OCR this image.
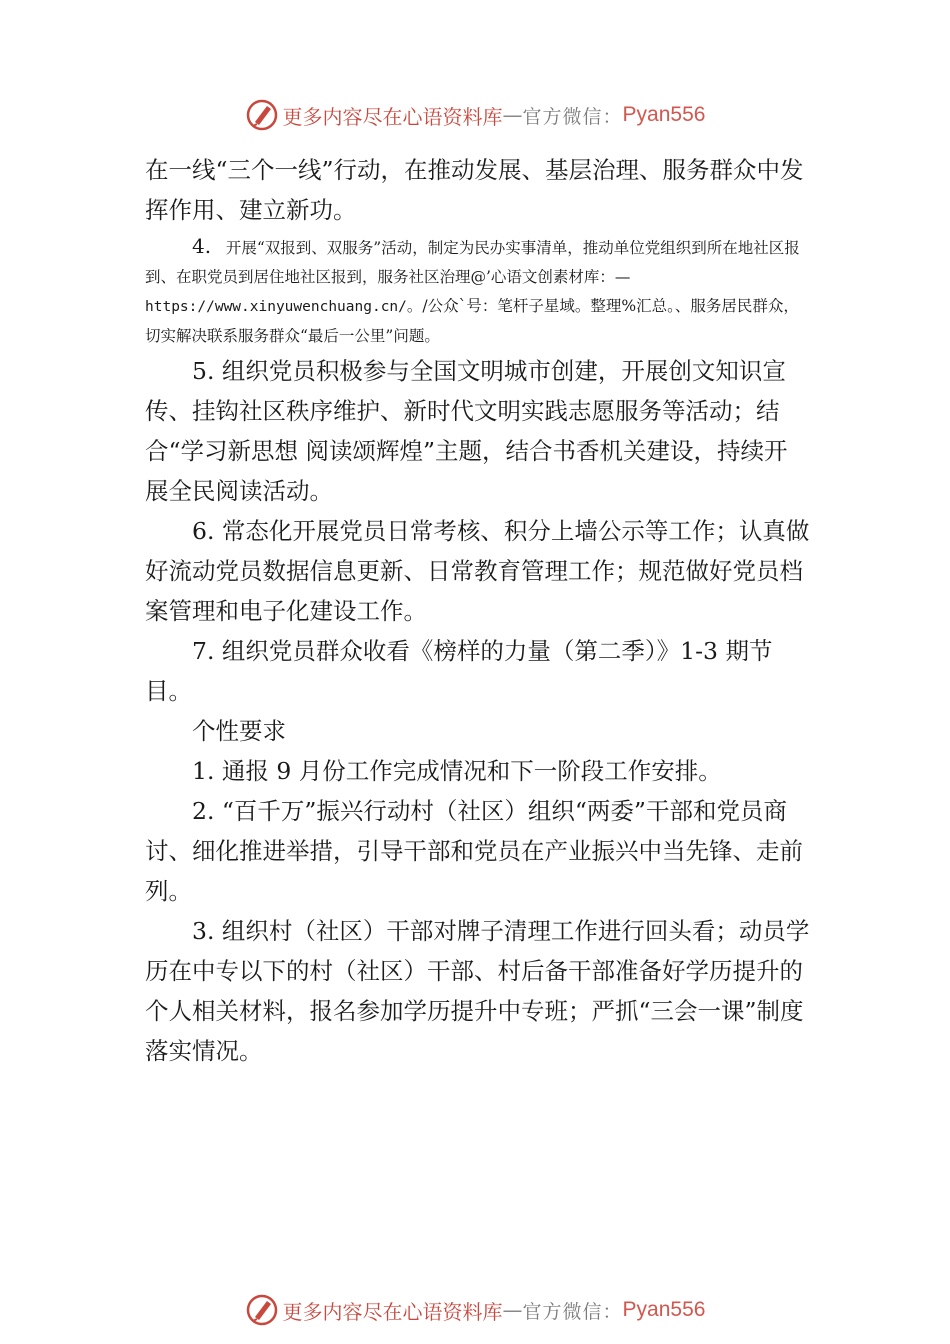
更多内容尽在心语资料库 — 官方微信： Pyan556

在一线“三个一线”行动，在推动发展、基层治理、服务群众中发挥作用、建立新功。

4. 开展“双报到、双服务”活动，制定为民办实事清单，推动单位党组织到所在地社区报到、在职党员到居住地社区报到，服务社区治理@’心语文创素材库：—https://www.xinyuwenchuang.cn/。/公众`号：笔杆子星域。整理%汇总。、服务居民群众，切实解决联系服务群众“最后一公里”问题。

5. 组织党员积极参与全国文明城市创建，开展创文知识宣传、挂钩社区秩序维护、新时代文明实践志愿服务等活动；结合“学习新思想 阅读颂辉煌”主题，结合书香机关建设，持续开展全民阅读活动。

6. 常态化开展党员日常考核、积分上墙公示等工作；认真做好流动党员数据信息更新、日常教育管理工作；规范做好党员档案管理和电子化建设工作。

7. 组织党员群众收看《榜样的力量（第二季）》1-3 期节目。

个性要求

1. 通报 9 月份工作完成情况和下一阶段工作安排。

2. “百千万”振兴行动村（社区）组织“两委”干部和党员商讨、细化推进举措，引导干部和党员在产业振兴中当先锋、走前列。

3. 组织村（社区）干部对牌子清理工作进行回头看；动员学历在中专以下的村（社区）干部、村后备干部准备好学历提升的个人相关材料，报名参加学历提升中专班；严抓“三会一课”制度落实情况。

更多内容尽在心语资料库 — 官方微信： Pyan556
